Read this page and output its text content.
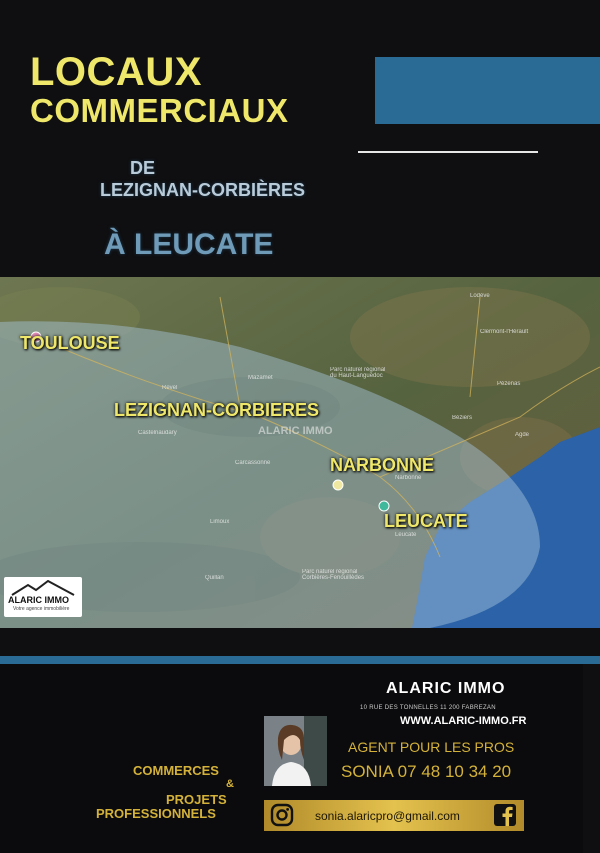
LOCAUX
COMMERCIAUX
DE
LEZIGNAN-CORBIÈRES
À LEUCATE
Lodève
Clermont-l'Hérault
Béziers
Pézenas
Agde
Castelnaudary
Carcassonne
Limoux
Quillan
Revel
Mazamet
Parc naturel régional du Haut-Languedoc
Parc naturel régional Corbières-Fenouillèdes
Narbonne
Leucate
ALARIC IMMO
TOULOUSE
LEZIGNAN-CORBIERES
NARBONNE
LEUCATE
ALARIC IMMO
Votre agence immobilière
ALARIC IMMO
10 RUE DES TONNELLES 11 200 FABREZAN
WWW.ALARIC-IMMO.FR
AGENT POUR LES PROS
SONIA 07 48 10 34 20
COMMERCES
&
PROJETS
PROFESSIONNELS	sonia.alaricpro@gmail.com
